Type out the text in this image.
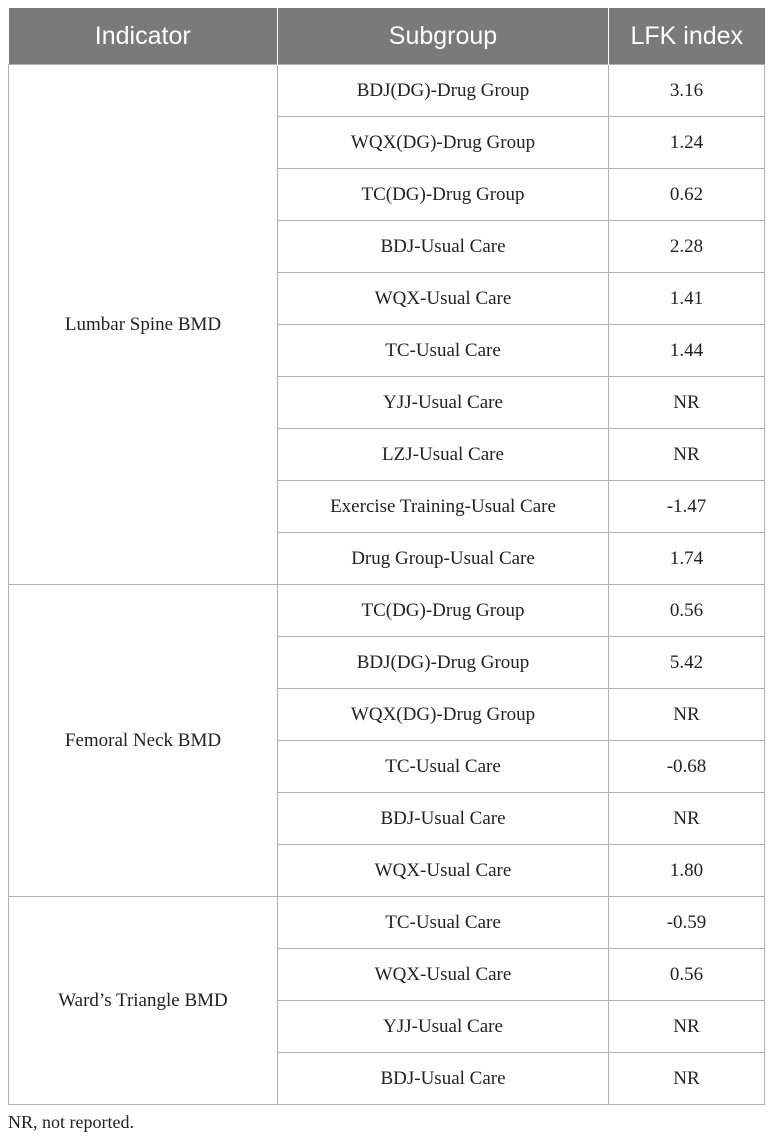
Indicator	Subgroup	LFK index
Lumbar Spine BMD	BDJ(DG)-Drug Group	3.16
	WQX(DG)-Drug Group	1.24
	TC(DG)-Drug Group	0.62
	BDJ-Usual Care	2.28
	WQX-Usual Care	1.41
	TC-Usual Care	1.44
	YJJ-Usual Care	NR
	LZJ-Usual Care	NR
	Exercise Training-Usual Care	-1.47
	Drug Group-Usual Care	1.74
Femoral Neck BMD	TC(DG)-Drug Group	0.56
	BDJ(DG)-Drug Group	5.42
	WQX(DG)-Drug Group	NR
	TC-Usual Care	-0.68
	BDJ-Usual Care	NR
	WQX-Usual Care	1.80
Ward’s Triangle BMD	TC-Usual Care	-0.59
	WQX-Usual Care	0.56
	YJJ-Usual Care	NR
	BDJ-Usual Care	NR
NR, not reported.
